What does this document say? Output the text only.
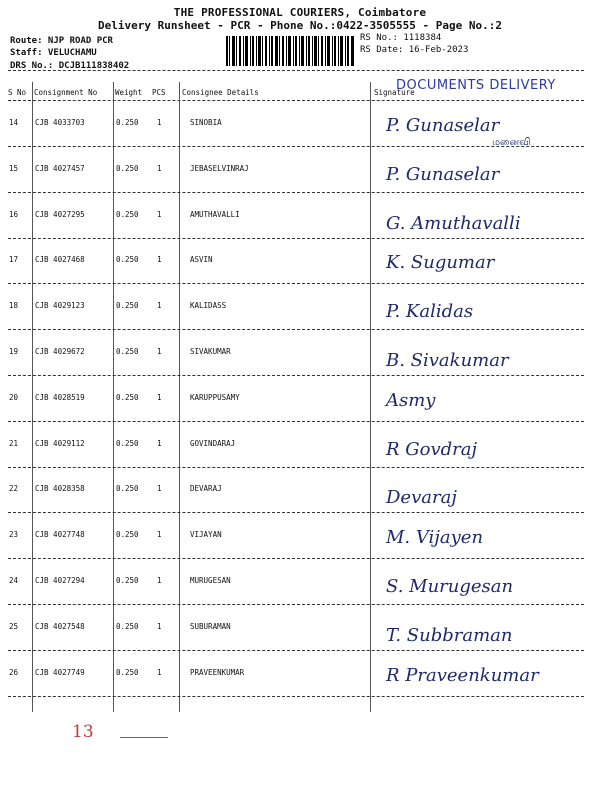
THE PROFESSIONAL COURIERS, Coimbatore
Delivery Runsheet - PCR - Phone No.:0422-3505555 - Page No.:2
Route: NJP ROAD PCR
Staff: VELUCHAMU
DRS No.: DCJB111838402
RS No.: 1118384
RS Date: 16-Feb-2023
DOCUMENTS DELIVERY
S No Consignment No Weight PCS Consignee Details	Signature
--
14 CJB 4033703	0.250 1	SINOBIA	P. Gunaselar
மனைவி
15 CJB 4027457	0.250 1	JEBASELVINRAJ	P. Gunaselar
16 CJB 4027295	0.250 1	AMUTHAVALLI	G. Amuthavalli
17 CJB 4027468	0.250 1	ASVIN	K. Sugumar
18 CJB 4029123	0.250 1	KALIDASS	P. Kalidas
19 CJB 4029672	0.250 1	SIVAKUMAR	B. Sivakumar
20 CJB 4028519	0.250 1	KARUPPUSAMY	Asmy
21 CJB 4029112	0.250 1	GOVINDARAJ	R Govdraj
22 CJB 4028358	0.250 1	DEVARAJ	Devaraj
23 CJB 4027748	0.250 1	VIJAYAN	M. Vijayen
24 CJB 4027294	0.250 1	MURUGESAN	S. Murugesan
25 CJB 4027548	0.250 1	SUBURAMAN	T. Subbraman
26 CJB 4027749	0.250 1	PRAVEENKUMAR	R Praveenkumar
13
